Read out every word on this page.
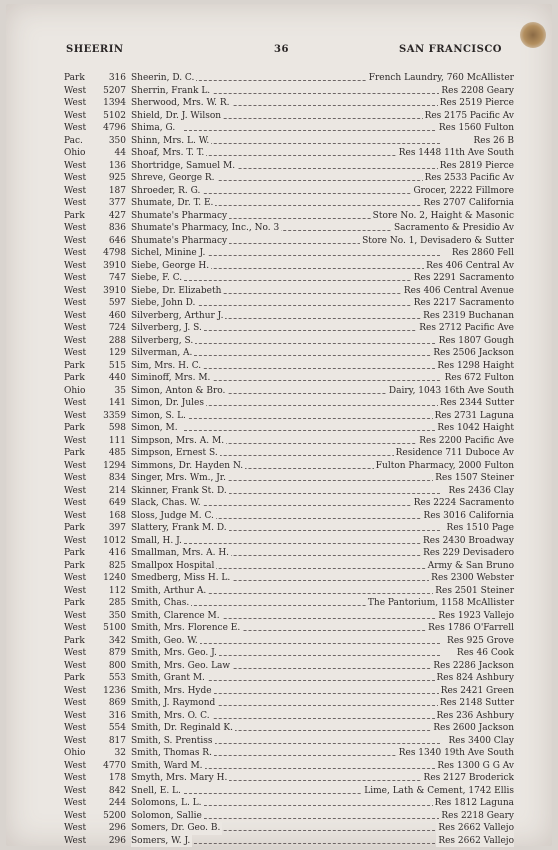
SHEERIN	36	SAN FRANCISCO
Park	316 Sheerin, D. C.	French Laundry, 760 McAllister
West	5207 Sherrin, Frank L.	Res 2208 Geary
West	1394 Sherwood, Mrs. W. R.	Res 2519 Pierce
West	5102 Shield, Dr. J. Wilson	Res 2175 Pacific Av
West	4796 Shima, G.	Res 1560 Fulton
Pac.	350 Shinn, Mrs. L. W.	Res 26 B
Ohio	44 Shoaf, Mrs. T. T.	Res 1448 11th Ave South
West	136 Shortridge, Samuel M.	Res 2819 Pierce
West	925 Shreve, George R.	Res 2533 Pacific Av
West	187 Shroeder, R. G.	Grocer, 2222 Fillmore
West	377 Shumate, Dr. T. E.	Res 2707 California
Park	427 Shumate's Pharmacy	Store No. 2, Haight & Masonic
West	836 Shumate's Pharmacy, Inc., No. 3	Sacramento & Presidio Av
West	646 Shumate's Pharmacy	Store No. 1, Devisadero & Sutter
West	4798 Sichel, Minine J.	Res 2860 Fell
West	3910 Siebe, George H.	Res 406 Central Av
West	747 Siebe, F. C.	Res 2291 Sacramento
West	3910 Siebe, Dr. Elizabeth	Res 406 Central Avenue
West	597 Siebe, John D.	Res 2217 Sacramento
West	460 Silverberg, Arthur J.	Res 2319 Buchanan
West	724 Silverberg, J. S.	Res 2712 Pacific Ave
West	288 Silverberg, S.	Res 1807 Gough
West	129 Silverman, A.	Res 2506 Jackson
Park	515 Sim, Mrs. H. C.	Res 1298 Haight
Park	440 Siminoff, Mrs. M.	Res 672 Fulton
Ohio	35 Simon, Anton & Bro.	Dairy, 1043 16th Ave South
West	141 Simon, Dr. Jules	Res 2344 Sutter
West	3359 Simon, S. L.	Res 2731 Laguna
Park	598 Simon, M.	Res 1042 Haight
West	111 Simpson, Mrs. A. M.	Res 2200 Pacific Ave
Park	485 Simpson, Ernest S.	Residence 711 Duboce Av
West	1294 Simmons, Dr. Hayden N.	Fulton Pharmacy, 2000 Fulton
West	834 Singer, Mrs. Wm., Jr.	Res 1507 Steiner
West	214 Skinner, Frank St. D.	Res 2436 Clay
West	649 Slack, Chas. W.	Res 2224 Sacramento
West	168 Sloss, Judge M. C.	Res 3016 California
Park	397 Slattery, Frank M. D.	Res 1510 Page
West	1012 Small, H. J.	Res 2430 Broadway
Park	416 Smallman, Mrs. A. H.	Res 229 Devisadero
Park	825 Smallpox Hospital	Army & San Bruno
West	1240 Smedberg, Miss H. L.	Res 2300 Webster
West	112 Smith, Arthur A.	Res 2501 Steiner
Park	285 Smith, Chas.	The Pantorium, 1158 McAllister
West	350 Smith, Clarence M.	Res 1923 Vallejo
West	5100 Smith, Mrs. Florence E.	Res 1786 O'Farrell
Park	342 Smith, Geo. W.	Res 925 Grove
West	879 Smith, Mrs. Geo. J.	Res 46 Cook
West	800 Smith, Mrs. Geo. Law	Res 2286 Jackson
Park	553 Smith, Grant M.	Res 824 Ashbury
West	1236 Smith, Mrs. Hyde	Res 2421 Green
West	869 Smith, J. Raymond	Res 2148 Sutter
West	316 Smith, Mrs. O. C.	Res 236 Ashbury
West	554 Smith, Dr. Reginald K.	Res 2600 Jackson
West	817 Smith, S. Prentiss	Res 3400 Clay
Ohio	32 Smith, Thomas R.	Res 1340 19th Ave South
West	4770 Smith, Ward M.	Res 1300 G G Av
West	178 Smyth, Mrs. Mary H.	Res 2127 Broderick
West	842 Snell, E. L.	Lime, Lath & Cement, 1742 Ellis
West	244 Solomons, L. L.	Res 1812 Laguna
West	5200 Solomon, Sallie	Res 2218 Geary
West	296 Somers, Dr. Geo. B.	Res 2662 Vallejo
West	296 Somers, W. J.	Res 2662 Vallejo
